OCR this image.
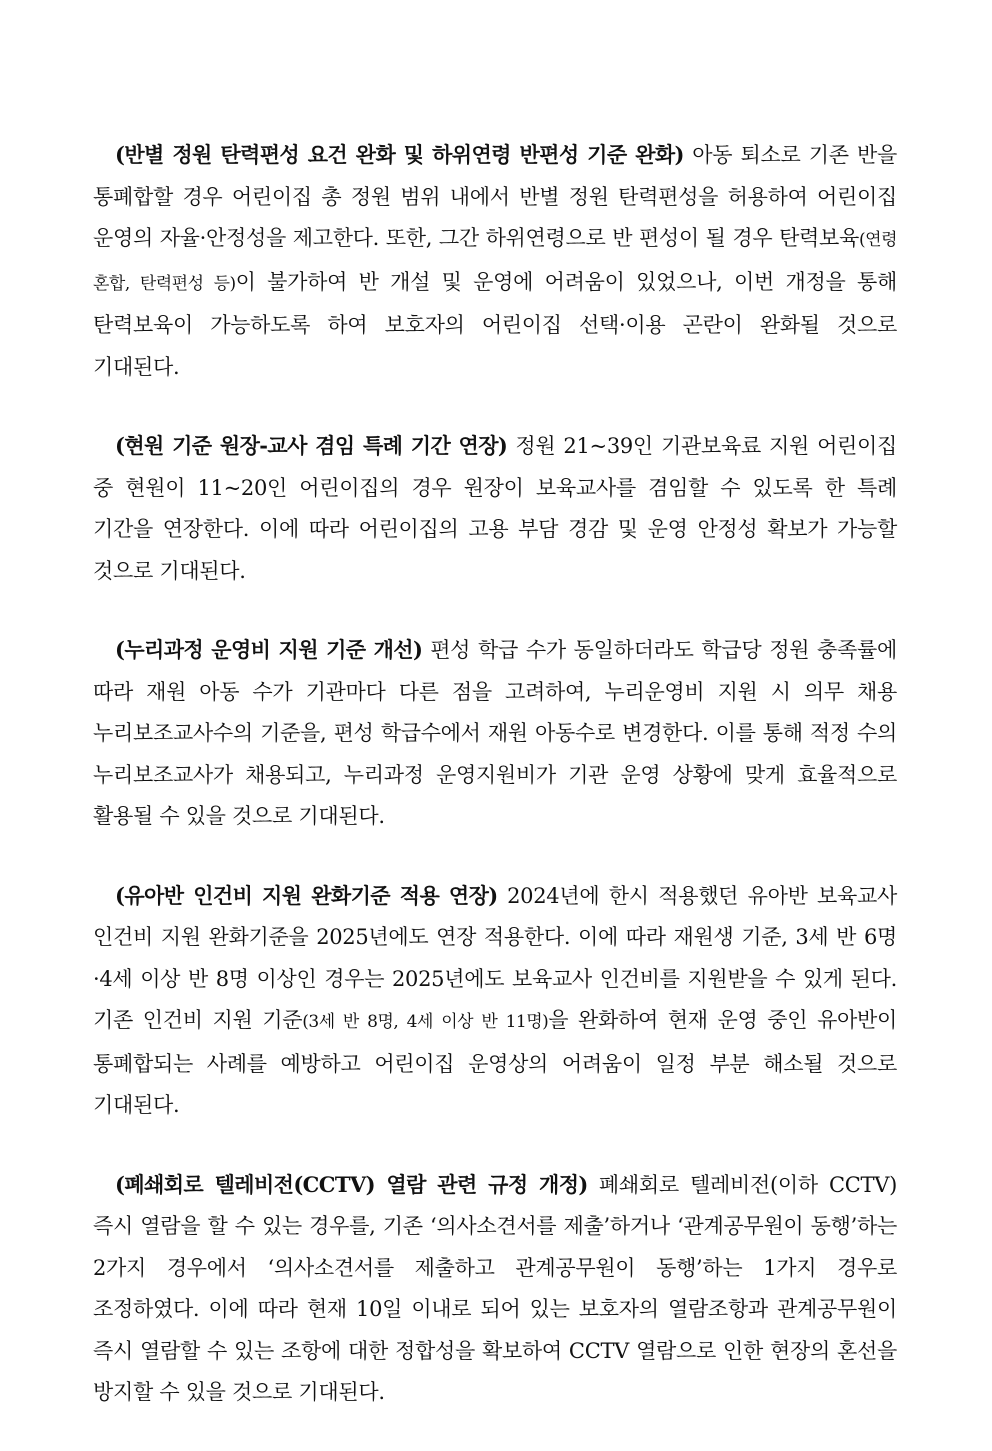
(반별 정원 탄력편성 요건 완화 및 하위연령 반편성 기준 완화) 아동 퇴소로 기존 반을 통폐합할 경우 어린이집 총 정원 범위 내에서 반별 정원 탄력편성을 허용하여 어린이집 운영의 자율·안정성을 제고한다. 또한, 그간 하위연령으로 반 편성이 될 경우 탄력보육(연령 혼합, 탄력편성 등)이 불가하여 반 개설 및 운영에 어려움이 있었으나, 이번 개정을 통해 탄력보육이 가능하도록 하여 보호자의 어린이집 선택·이용 곤란이 완화될 것으로 기대된다.

(현원 기준 원장-교사 겸임 특례 기간 연장) 정원 21~39인 기관보육료 지원 어린이집 중 현원이 11~20인 어린이집의 경우 원장이 보육교사를 겸임할 수 있도록 한 특례 기간을 연장한다. 이에 따라 어린이집의 고용 부담 경감 및 운영 안정성 확보가 가능할 것으로 기대된다.

(누리과정 운영비 지원 기준 개선) 편성 학급 수가 동일하더라도 학급당 정원 충족률에 따라 재원 아동 수가 기관마다 다른 점을 고려하여, 누리운영비 지원 시 의무 채용 누리보조교사수의 기준을, 편성 학급수에서 재원 아동수로 변경한다. 이를 통해 적정 수의 누리보조교사가 채용되고, 누리과정 운영지원비가 기관 운영 상황에 맞게 효율적으로 활용될 수 있을 것으로 기대된다.

(유아반 인건비 지원 완화기준 적용 연장) 2024년에 한시 적용했던 유아반 보육교사 인건비 지원 완화기준을 2025년에도 연장 적용한다. 이에 따라 재원생 기준, 3세 반 6명·4세 이상 반 8명 이상인 경우는 2025년에도 보육교사 인건비를 지원받을 수 있게 된다. 기존 인건비 지원 기준(3세 반 8명, 4세 이상 반 11명)을 완화하여 현재 운영 중인 유아반이 통폐합되는 사례를 예방하고 어린이집 운영상의 어려움이 일정 부분 해소될 것으로 기대된다.

(폐쇄회로 텔레비전(CCTV) 열람 관련 규정 개정) 폐쇄회로 텔레비전(이하 CCTV) 즉시 열람을 할 수 있는 경우를, 기존 ‘의사소견서를 제출’하거나 ‘관계공무원이 동행’하는 2가지 경우에서 ‘의사소견서를 제출하고 관계공무원이 동행’하는 1가지 경우로 조정하였다. 이에 따라 현재 10일 이내로 되어 있는 보호자의 열람조항과 관계공무원이 즉시 열람할 수 있는 조항에 대한 정합성을 확보하여 CCTV 열람으로 인한 현장의 혼선을 방지할 수 있을 것으로 기대된다.
